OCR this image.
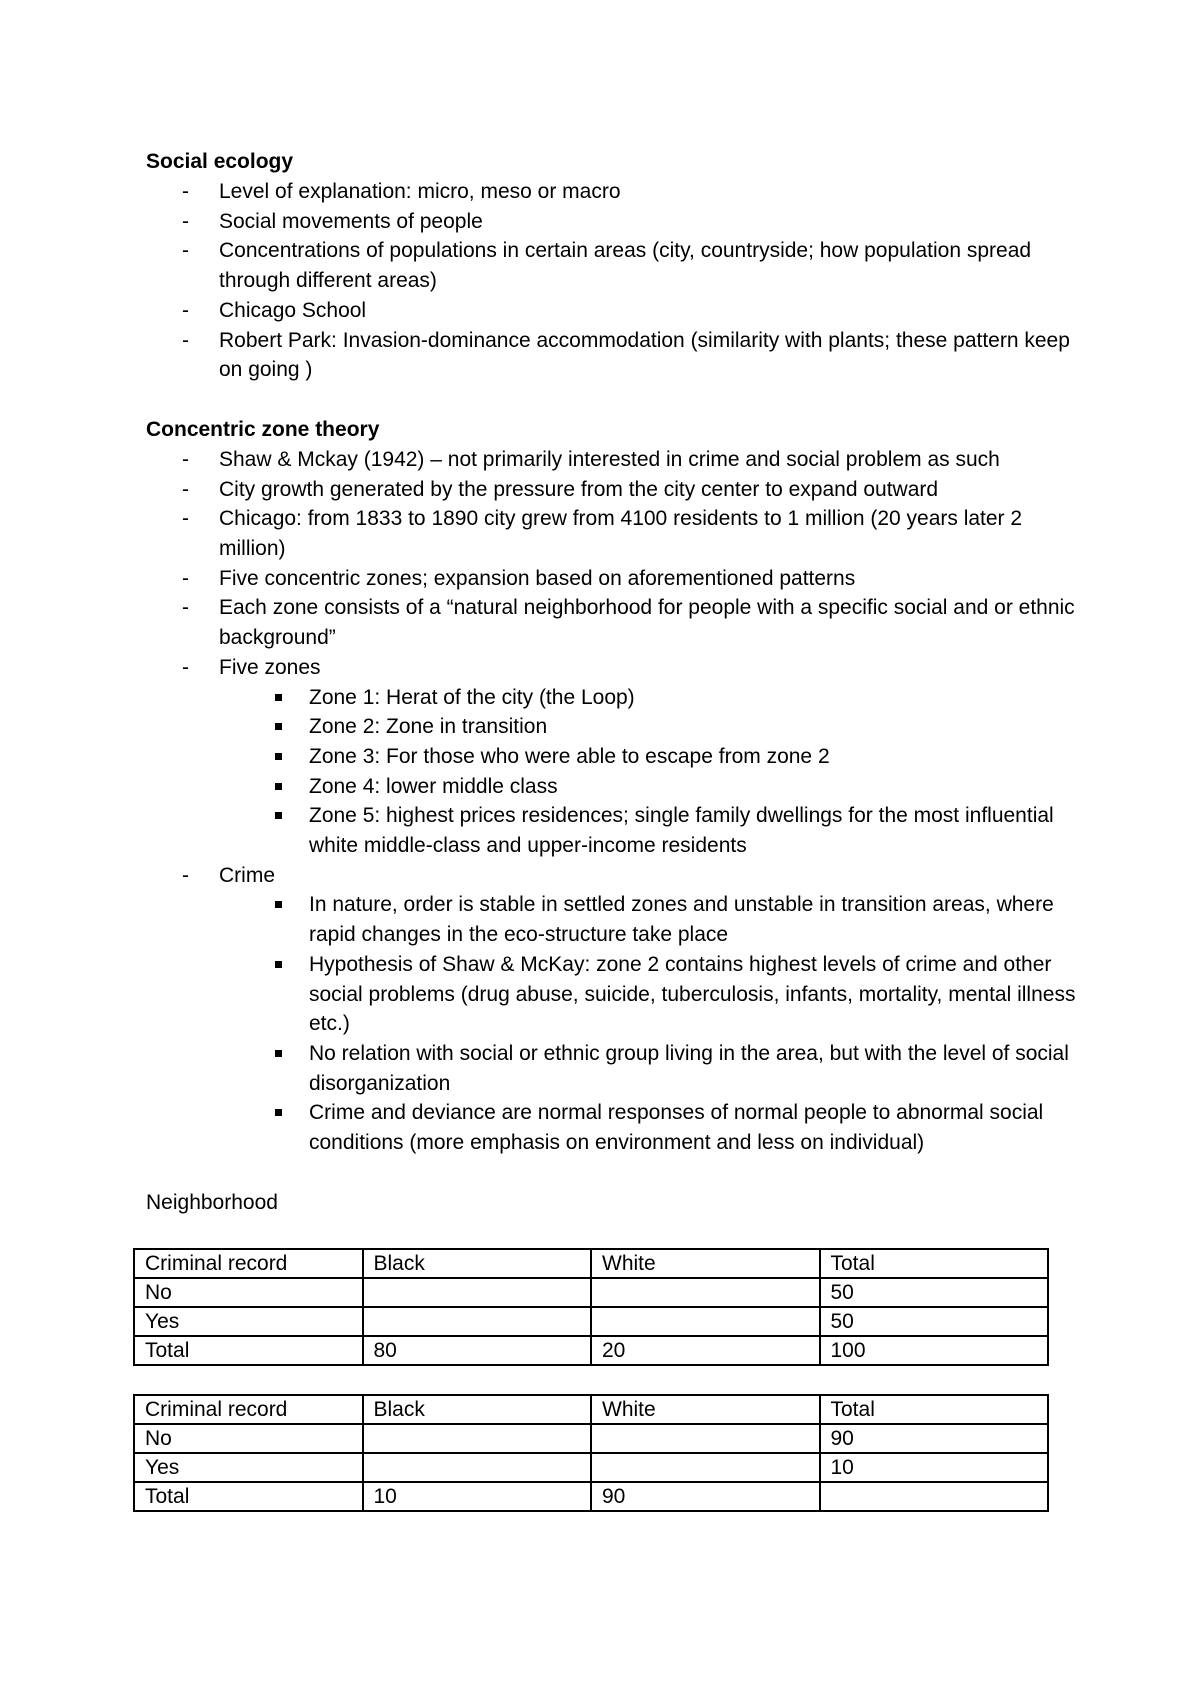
Social ecology

- Level of explanation: micro, meso or macro
- Social movements of people
- Concentrations of populations in certain areas (city, countryside; how population spread through different areas)
- Chicago School
- Robert Park: Invasion-dominance accommodation (similarity with plants; these pattern keep on going )

Concentric zone theory

- Shaw & Mckay (1942) – not primarily interested in crime and social problem as such
- City growth generated by the pressure from the city center to expand outward
- Chicago: from 1833 to 1890 city grew from 4100 residents to 1 million (20 years later 2 million)
- Five concentric zones; expansion based on aforementioned patterns
- Each zone consists of a “natural neighborhood for people with a specific social and or ethnic background”
- Five zones
Zone 1: Herat of the city (the Loop)
Zone 2: Zone in transition
Zone 3: For those who were able to escape from zone 2
Zone 4: lower middle class
Zone 5: highest prices residences; single family dwellings for the most influential white middle-class and upper-income residents
- Crime
In nature, order is stable in settled zones and unstable in transition areas, where rapid changes in the eco-structure take place
Hypothesis of Shaw & McKay: zone 2 contains highest levels of crime and other social problems (drug abuse, suicide, tuberculosis, infants, mortality, mental illness etc.)
No relation with social or ethnic group living in the area, but with the level of social disorganization
Crime and deviance are normal responses of normal people to abnormal social conditions (more emphasis on environment and less on individual)

Neighborhood

Criminal record	Black	White	Total
No			50
Yes			50
Total	80	20	100
Criminal record	Black	White	Total
No			90
Yes			10
Total	10	90	
